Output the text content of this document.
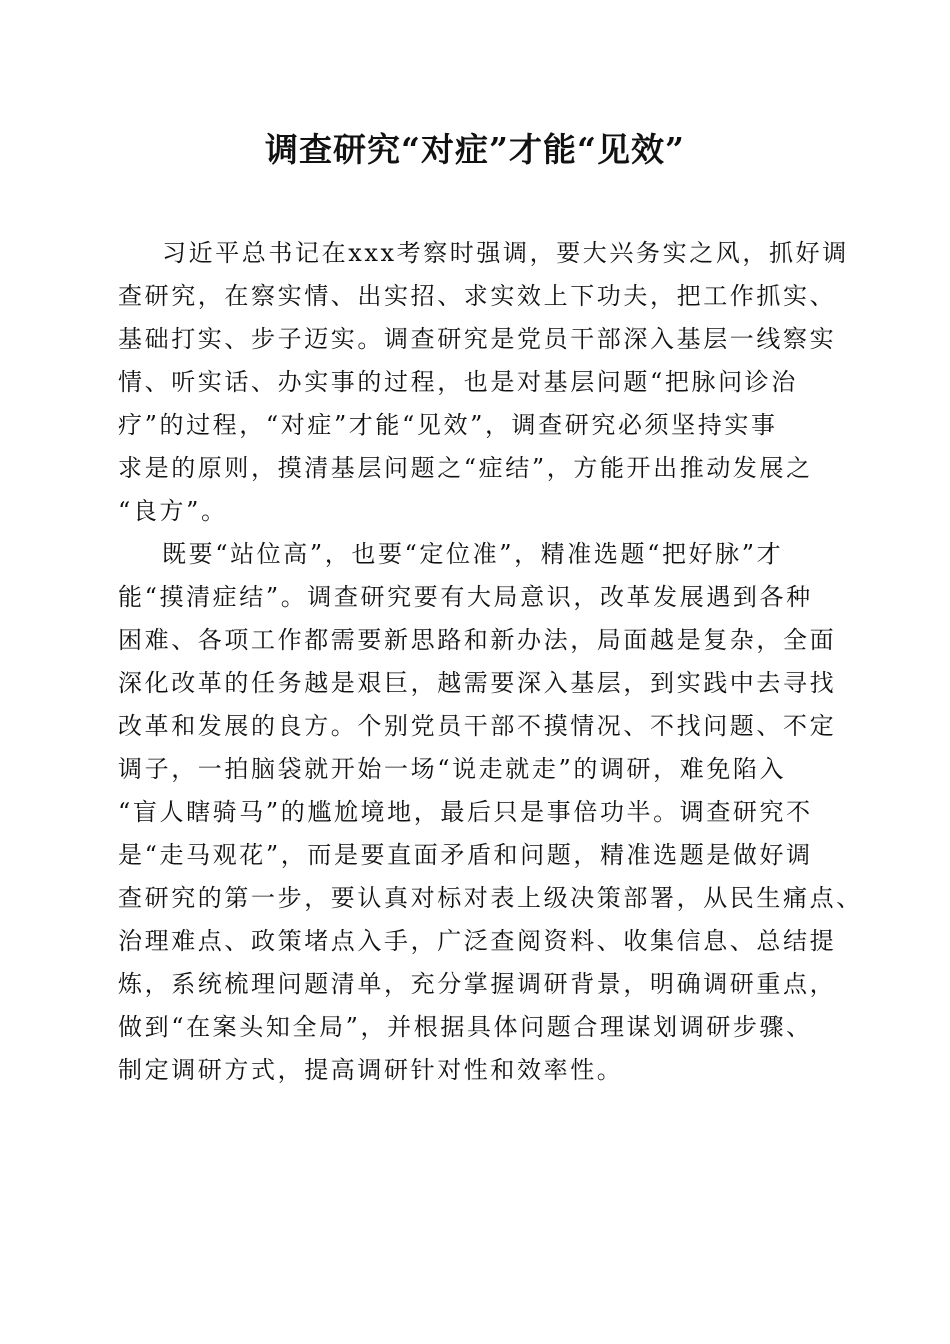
调查研究“对症”才能“见效”
习近平总书记在xxx考察时强调，要大兴务实之风，抓好调
查研究，在察实情、出实招、求实效上下功夫，把工作抓实、
基础打实、步子迈实。调查研究是党员干部深入基层一线察实
情、听实话、办实事的过程，也是对基层问题“把脉问诊治
疗”的过程，“对症”才能“见效”，调查研究必须坚持实事
求是的原则，摸清基层问题之“症结”，方能开出推动发展之
“良方”。
既要“站位高”，也要“定位准”，精准选题“把好脉”才
能“摸清症结”。调查研究要有大局意识，改革发展遇到各种
困难、各项工作都需要新思路和新办法，局面越是复杂，全面
深化改革的任务越是艰巨，越需要深入基层，到实践中去寻找
改革和发展的良方。个别党员干部不摸情况、不找问题、不定
调子，一拍脑袋就开始一场“说走就走”的调研，难免陷入
“盲人瞎骑马”的尴尬境地，最后只是事倍功半。调查研究不
是“走马观花”，而是要直面矛盾和问题，精准选题是做好调
查研究的第一步，要认真对标对表上级决策部署，从民生痛点、
治理难点、政策堵点入手，广泛查阅资料、收集信息、总结提
炼，系统梳理问题清单，充分掌握调研背景，明确调研重点，
做到“在案头知全局”，并根据具体问题合理谋划调研步骤、
制定调研方式，提高调研针对性和效率性。
